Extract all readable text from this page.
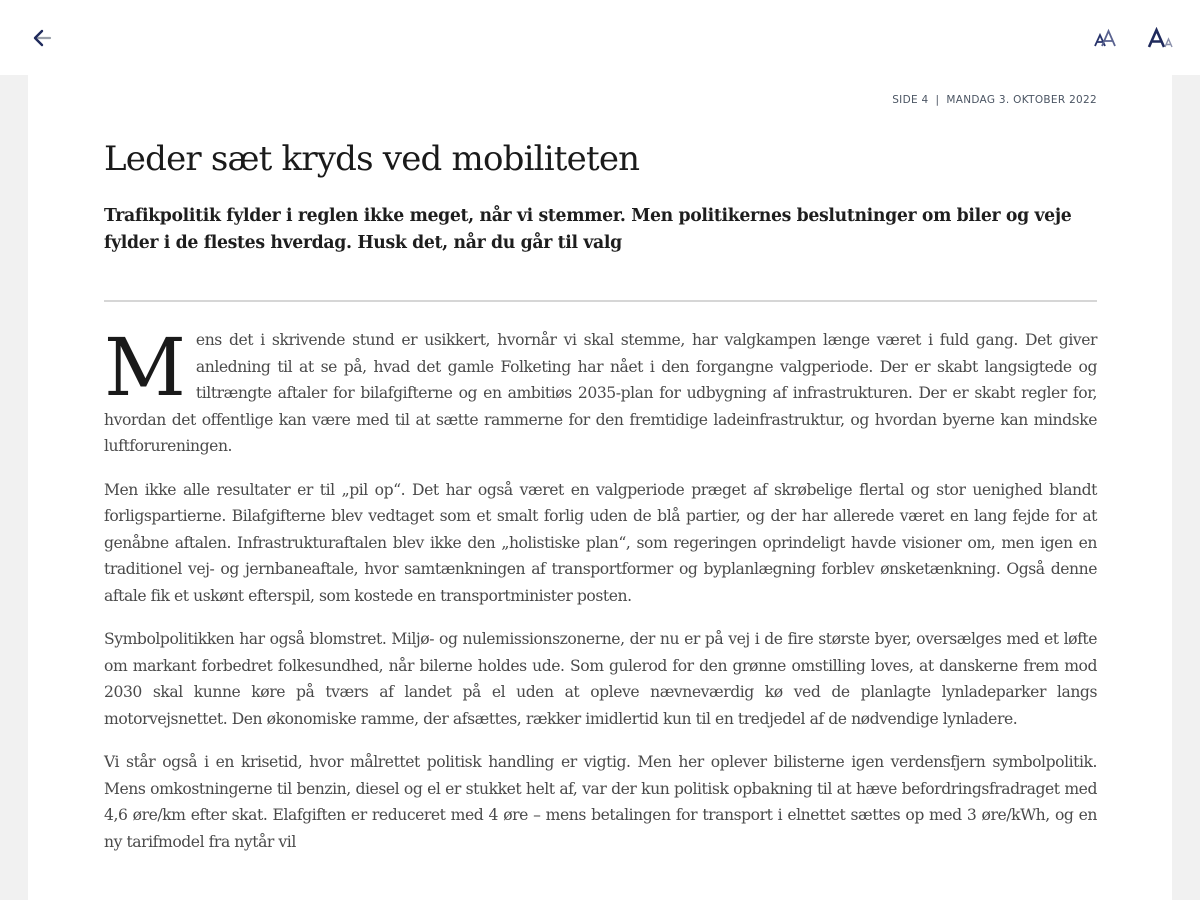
SIDE 4 | MANDAG 3. OKTOBER 2022
Leder sæt kryds ved mobiliteten

Trafikpolitik fylder i reglen ikke meget, når vi stemmer. Men politikernes beslutninger om biler og veje fylder i de flestes hverdag. Husk det, når du går til valg

Mens det i skrivende stund er usikkert, hvornår vi skal stemme, har valgkampen længe været i fuld gang. Det giver anledning til at se på, hvad det gamle Folketing har nået i den forgangne valgperiode. Der er skabt langsigtede og tiltrængte aftaler for bilafgifterne og en ambitiøs 2035-plan for udbygning af infrastrukturen. Der er skabt regler for, hvordan det offentlige kan være med til at sætte rammerne for den fremtidige ladeinfrastruktur, og hvordan byerne kan mindske luftforureningen.

Men ikke alle resultater er til „pil op“. Det har også været en valgperiode præget af skrøbelige flertal og stor uenighed blandt forligspartierne. Bilafgifterne blev vedtaget som et smalt forlig uden de blå partier, og der har allerede været en lang fejde for at genåbne aftalen. Infrastrukturaftalen blev ikke den „holistiske plan“, som regeringen oprindeligt havde visioner om, men igen en traditionel vej- og jernbaneaftale, hvor samtænkningen af transportformer og byplanlægning forblev ønsketænkning. Også denne aftale fik et uskønt efterspil, som kostede en transportminister posten.

Symbolpolitikken har også blomstret. Miljø- og nulemissionszonerne, der nu er på vej i de fire største byer, oversælges med et løfte om markant forbedret folkesundhed, når bilerne holdes ude. Som gulerod for den grønne omstilling loves, at danskerne frem mod 2030 skal kunne køre på tværs af landet på el uden at opleve nævneværdig kø ved de planlagte lynladeparker langs motorvejsnettet. Den økonomiske ramme, der afsættes, rækker imidlertid kun til en tredjedel af de nødvendige lynladere.

Vi står også i en krisetid, hvor målrettet politisk handling er vigtig. Men her oplever bilisterne igen verdensfjern symbolpolitik. Mens omkostningerne til benzin, diesel og el er stukket helt af, var der kun politisk opbakning til at hæve befordringsfradraget med 4,6 øre/km efter skat. Elafgiften er reduceret med 4 øre – mens betalingen for transport i elnettet sættes op med 3 øre/kWh, og en ny tarifmodel fra nytår vil
